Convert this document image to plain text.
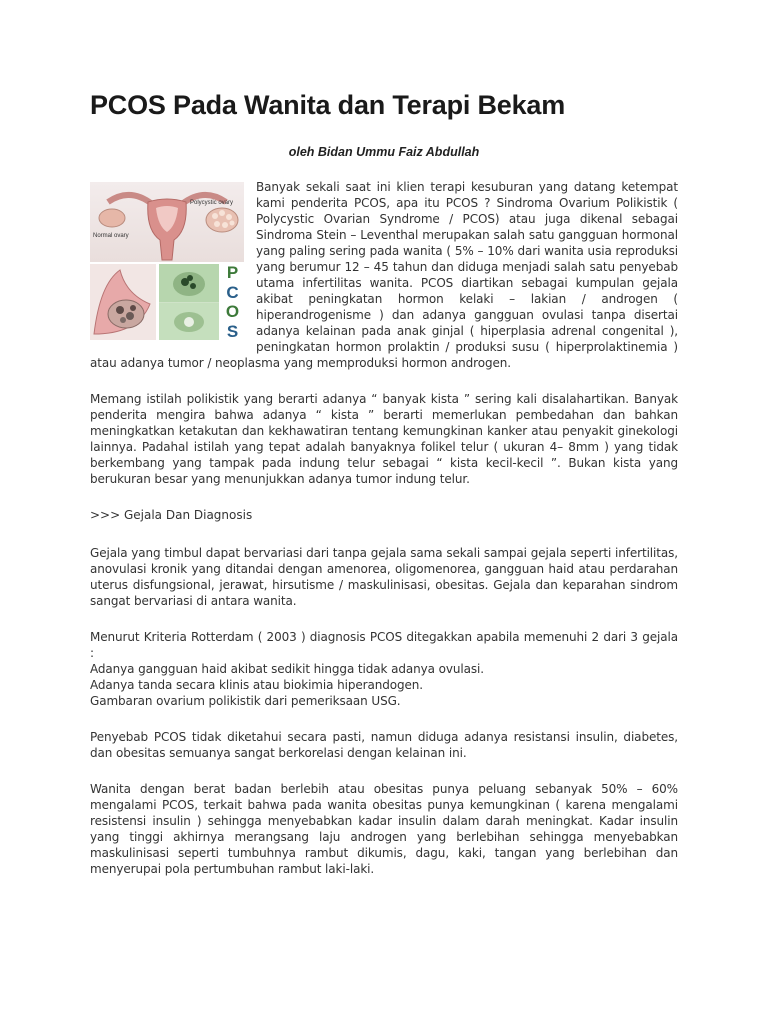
PCOS Pada Wanita dan Terapi Bekam

oleh Bidan Ummu Faiz Abdullah

Normal ovary
Polycystic ovary
P
C
O
S

Banyak sekali saat ini klien terapi kesuburan yang datang ketempat kami penderita PCOS, apa itu PCOS ? Sindroma Ovarium Polikistik ( Polycystic Ovarian Syndrome / PCOS) atau juga dikenal sebagai Sindroma Stein – Leventhal merupakan salah satu gangguan hormonal yang paling sering pada wanita ( 5% – 10% dari wanita usia reproduksi yang berumur 12 – 45 tahun dan diduga menjadi salah satu penyebab utama infertilitas wanita. PCOS diartikan sebagai kumpulan gejala akibat peningkatan hormon kelaki – lakian / androgen ( hiperandrogenisme ) dan adanya gangguan ovulasi tanpa disertai adanya kelainan pada anak ginjal ( hiperplasia adrenal congenital ), peningkatan hormon prolaktin / produksi susu ( hiperprolaktinemia ) atau adanya tumor / neoplasma yang memproduksi hormon androgen.

Memang istilah polikistik yang berarti adanya “ banyak kista ” sering kali disalahartikan. Banyak penderita mengira bahwa adanya “ kista ” berarti memerlukan pembedahan dan bahkan meningkatkan ketakutan dan kekhawatiran tentang kemungkinan kanker atau penyakit ginekologi lainnya. Padahal istilah yang tepat adalah banyaknya folikel telur ( ukuran 4– 8mm ) yang tidak berkembang yang tampak pada indung telur sebagai “ kista kecil-kecil ”. Bukan kista yang berukuran besar yang menunjukkan adanya tumor indung telur.

>>> Gejala Dan Diagnosis

Gejala yang timbul dapat bervariasi dari tanpa gejala sama sekali sampai gejala seperti infertilitas, anovulasi kronik yang ditandai dengan amenorea, oligomenorea, gangguan haid atau perdarahan uterus disfungsional, jerawat, hirsutisme / maskulinisasi, obesitas. Gejala dan keparahan sindrom sangat bervariasi di antara wanita.

Menurut Kriteria Rotterdam ( 2003 ) diagnosis PCOS ditegakkan apabila memenuhi 2 dari 3 gejala :
Adanya gangguan haid akibat sedikit hingga tidak adanya ovulasi.
Adanya tanda secara klinis atau biokimia hiperandogen.
Gambaran ovarium polikistik dari pemeriksaan USG.

Penyebab PCOS tidak diketahui secara pasti, namun diduga adanya resistansi insulin, diabetes, dan obesitas semuanya sangat berkorelasi dengan kelainan ini.

Wanita dengan berat badan berlebih atau obesitas punya peluang sebanyak 50% – 60% mengalami PCOS, terkait bahwa pada wanita obesitas punya kemungkinan ( karena mengalami resistensi insulin ) sehingga menyebabkan kadar insulin dalam darah meningkat. Kadar insulin yang tinggi akhirnya merangsang laju androgen yang berlebihan sehingga menyebabkan maskulinisasi seperti tumbuhnya rambut dikumis, dagu, kaki, tangan yang berlebihan dan menyerupai pola pertumbuhan rambut laki-laki.
